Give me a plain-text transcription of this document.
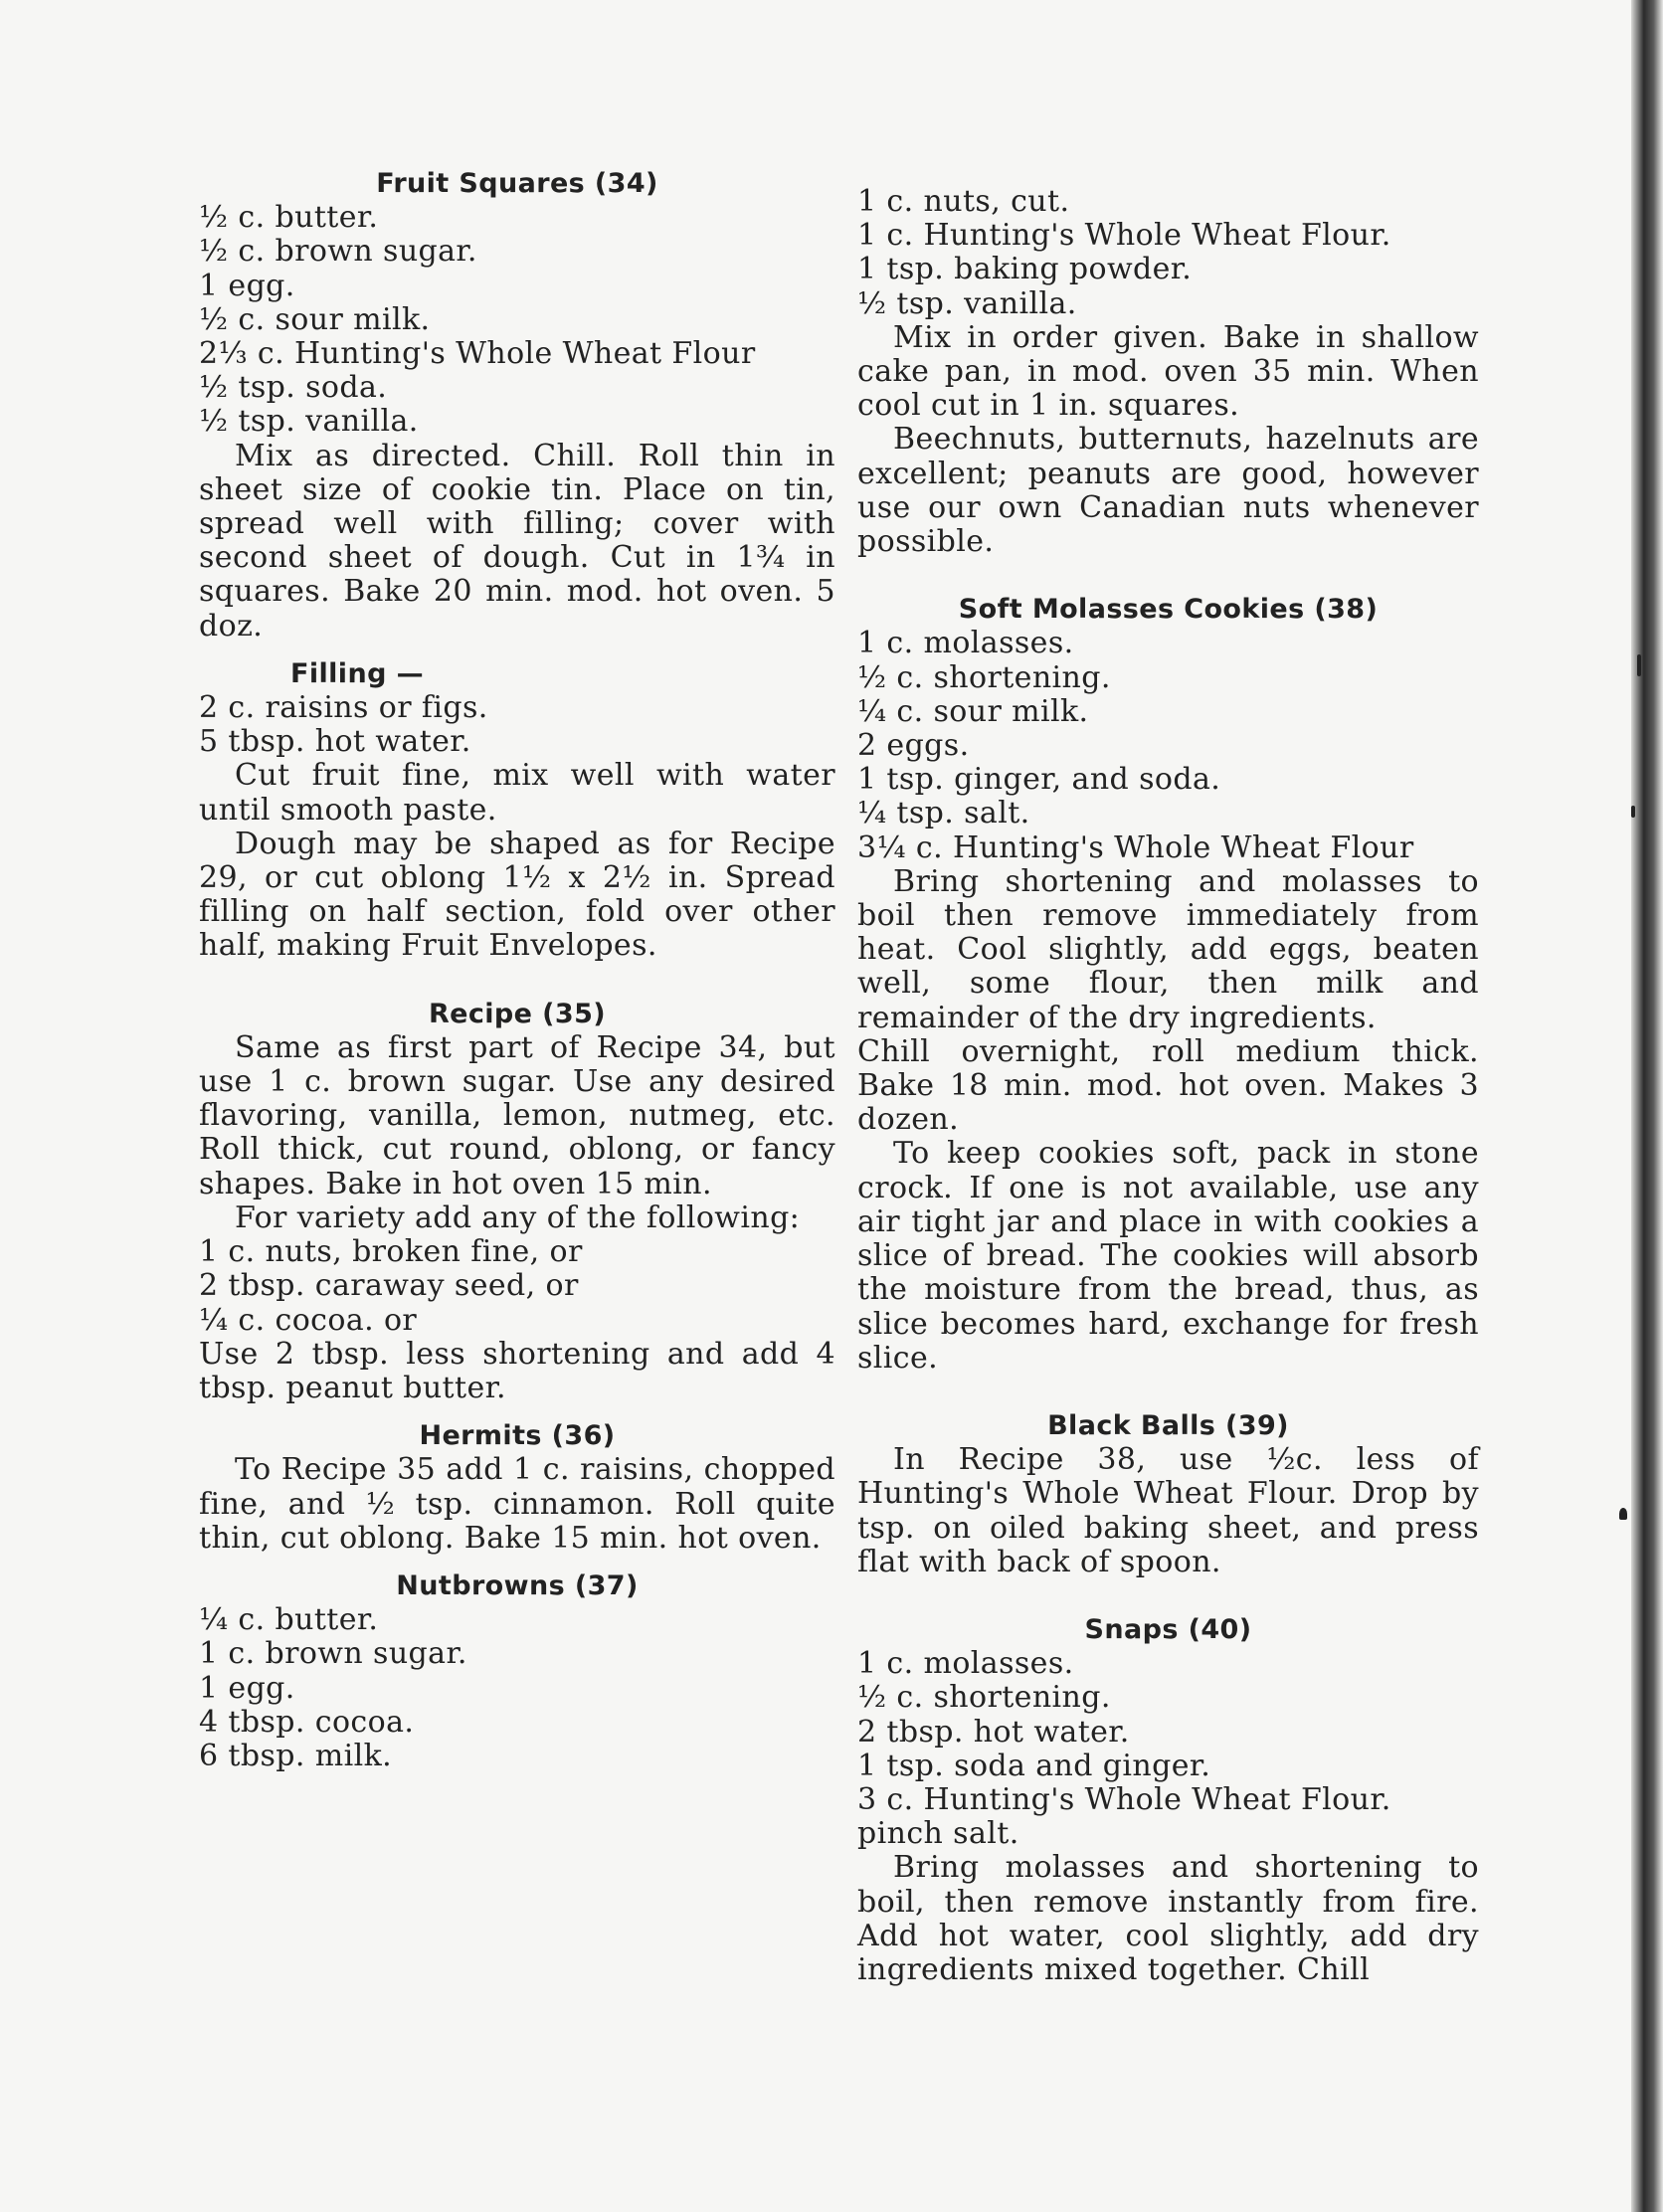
Fruit Squares (34)

½ c. butter.

½ c. brown sugar.

1 egg.

½ c. sour milk.

2⅓ c. Hunting's Whole Wheat Flour

½ tsp. soda.

½ tsp. vanilla.

Mix as directed. Chill. Roll thin in sheet size of cookie tin. Place on tin, spread well with filling; cover with second sheet of dough. Cut in 1¾ in squares. Bake 20 min. mod. hot oven. 5 doz.

Filling —

2 c. raisins or figs.

5 tbsp. hot water.

Cut fruit fine, mix well with water until smooth paste.

Dough may be shaped as for Recipe 29, or cut oblong 1½ x 2½ in. Spread filling on half section, fold over other half, making Fruit Envelopes.

Recipe (35)

Same as first part of Recipe 34, but use 1 c. brown sugar. Use any desired flavoring, vanilla, lemon, nutmeg, etc. Roll thick, cut round, oblong, or fancy shapes. Bake in hot oven 15 min.

For variety add any of the following:

1 c. nuts, broken fine, or

2 tbsp. caraway seed, or

¼ c. cocoa. or

Use 2 tbsp. less shortening and add 4 tbsp. peanut butter.

Hermits (36)

To Recipe 35 add 1 c. raisins, chopped fine, and ½ tsp. cinnamon. Roll quite thin, cut oblong. Bake 15 min. hot oven.

Nutbrowns (37)

¼ c. butter.

1 c. brown sugar.

1 egg.

4 tbsp. cocoa.

6 tbsp. milk.

1 c. nuts, cut.

1 c. Hunting's Whole Wheat Flour.

1 tsp. baking powder.

½ tsp. vanilla.

Mix in order given. Bake in shallow cake pan, in mod. oven 35 min. When cool cut in 1 in. squares.

Beechnuts, butternuts, hazelnuts are excellent; peanuts are good, however use our own Canadian nuts whenever possible.

Soft Molasses Cookies (38)

1 c. molasses.

½ c. shortening.

¼ c. sour milk.

2 eggs.

1 tsp. ginger, and soda.

¼ tsp. salt.

3¼ c. Hunting's Whole Wheat Flour

Bring shortening and molasses to boil then remove immediately from heat. Cool slightly, add eggs, beaten well, some flour, then milk and remainder of the dry ingredients.

Chill overnight, roll medium thick. Bake 18 min. mod. hot oven. Makes 3 dozen.

To keep cookies soft, pack in stone crock. If one is not available, use any air tight jar and place in with cookies a slice of bread. The cookies will absorb the moisture from the bread, thus, as slice becomes hard, exchange for fresh slice.

Black Balls (39)

In Recipe 38, use ½c. less of Hunting's Whole Wheat Flour. Drop by tsp. on oiled baking sheet, and press flat with back of spoon.

Snaps (40)

1 c. molasses.

½ c. shortening.

2 tbsp. hot water.

1 tsp. soda and ginger.

3 c. Hunting's Whole Wheat Flour.

pinch salt.

Bring molasses and shortening to boil, then remove instantly from fire. Add hot water, cool slightly, add dry ingredients mixed together. Chill
